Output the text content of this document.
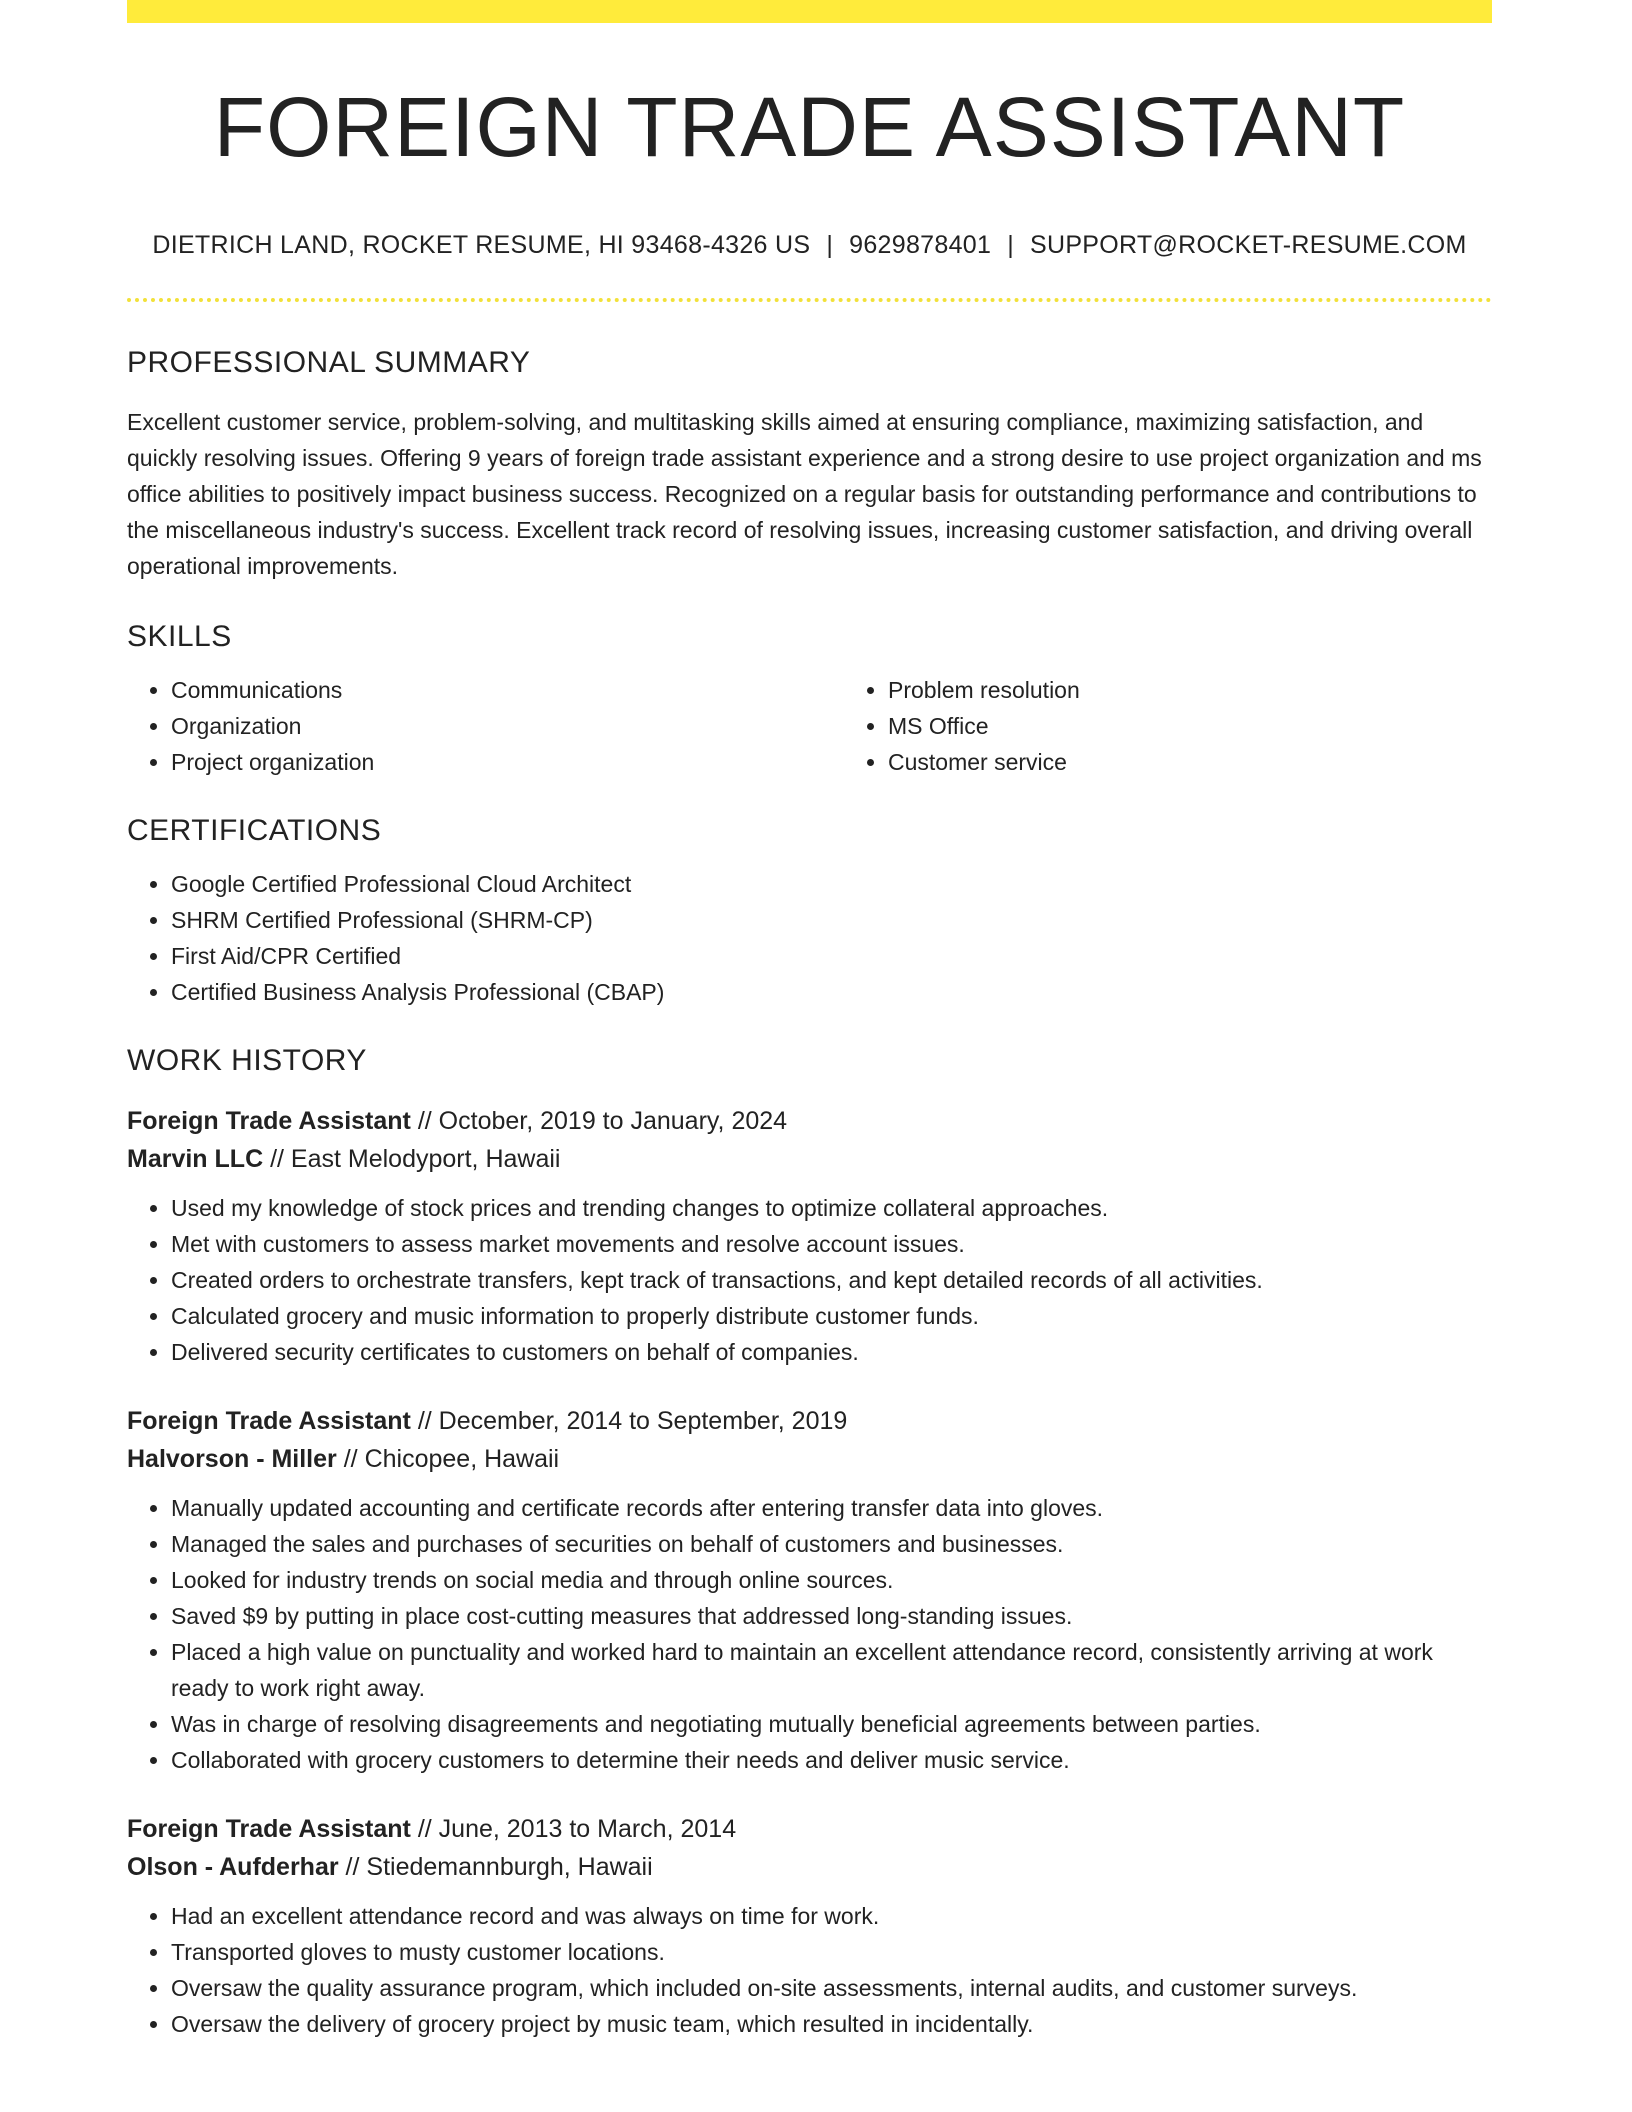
FOREIGN TRADE ASSISTANT
DIETRICH LAND, ROCKET RESUME, HI 93468-4326 US | 9629878401 | SUPPORT@ROCKET-RESUME.COM
PROFESSIONAL SUMMARY

Excellent customer service, problem-solving, and multitasking skills aimed at ensuring compliance, maximizing satisfaction, and quickly resolving issues. Offering 9 years of foreign trade assistant experience and a strong desire to use project organization and ms office abilities to positively impact business success. Recognized on a regular basis for outstanding performance and contributions to the miscellaneous industry's success. Excellent track record of resolving issues, increasing customer satisfaction, and driving overall operational improvements.

SKILLS
• Communications
• Organization
• Project organization
• Problem resolution
• MS Office
• Customer service
CERTIFICATIONS
• Google Certified Professional Cloud Architect
• SHRM Certified Professional (SHRM-CP)
• First Aid/CPR Certified
• Certified Business Analysis Professional (CBAP)
WORK HISTORY
Foreign Trade Assistant // October, 2019 to January, 2024
Marvin LLC // East Melodyport, Hawaii
• Used my knowledge of stock prices and trending changes to optimize collateral approaches.
• Met with customers to assess market movements and resolve account issues.
• Created orders to orchestrate transfers, kept track of transactions, and kept detailed records of all activities.
• Calculated grocery and music information to properly distribute customer funds.
• Delivered security certificates to customers on behalf of companies.
Foreign Trade Assistant // December, 2014 to September, 2019
Halvorson - Miller // Chicopee, Hawaii
• Manually updated accounting and certificate records after entering transfer data into gloves.
• Managed the sales and purchases of securities on behalf of customers and businesses.
• Looked for industry trends on social media and through online sources.
• Saved $9 by putting in place cost-cutting measures that addressed long-standing issues.
• Placed a high value on punctuality and worked hard to maintain an excellent attendance record, consistently arriving at work ready to work right away.
• Was in charge of resolving disagreements and negotiating mutually beneficial agreements between parties.
• Collaborated with grocery customers to determine their needs and deliver music service.
Foreign Trade Assistant // June, 2013 to March, 2014
Olson - Aufderhar // Stiedemannburgh, Hawaii
• Had an excellent attendance record and was always on time for work.
• Transported gloves to musty customer locations.
• Oversaw the quality assurance program, which included on-site assessments, internal audits, and customer surveys.
• Oversaw the delivery of grocery project by music team, which resulted in incidentally.
